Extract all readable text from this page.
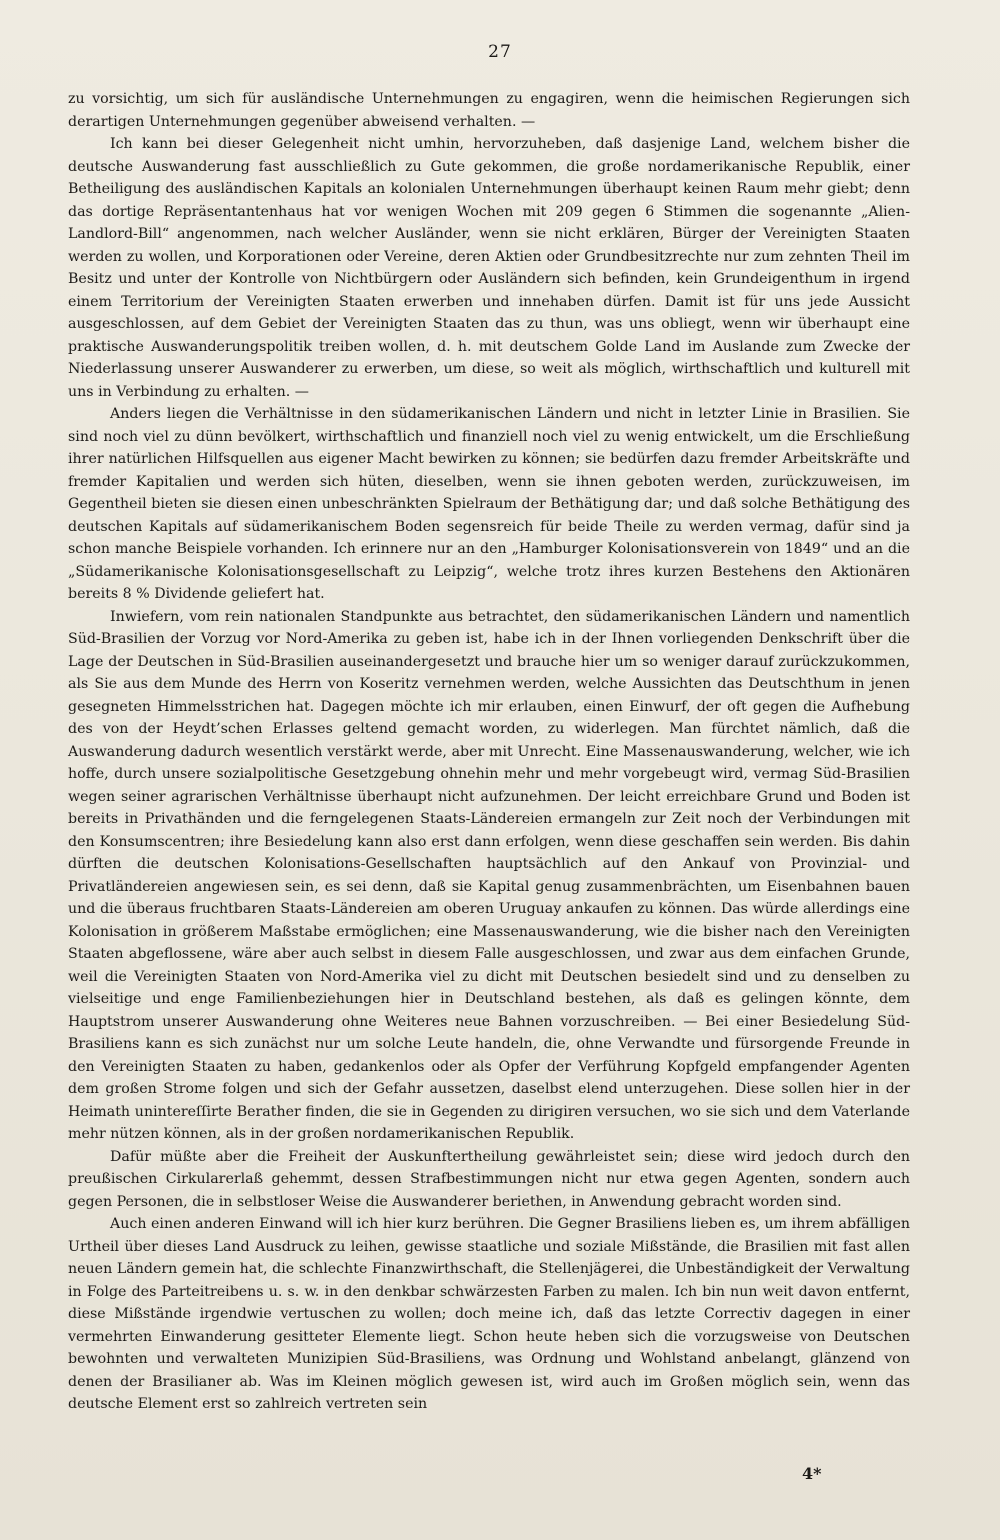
27

zu vorsichtig, um sich für ausländische Unternehmungen zu engagiren, wenn die heimischen Regierungen sich derartigen Unternehmungen gegenüber abweisend verhalten. —

Ich kann bei dieser Gelegenheit nicht umhin, hervorzuheben, daß dasjenige Land, welchem bisher die deutsche Auswanderung fast ausschließlich zu Gute gekommen, die große nordamerikanische Republik, einer Betheiligung des ausländischen Kapitals an kolonialen Unternehmungen überhaupt keinen Raum mehr giebt; denn das dortige Repräsentantenhaus hat vor wenigen Wochen mit 209 gegen 6 Stimmen die sogenannte „Alien-Landlord-Bill“ angenommen, nach welcher Ausländer, wenn sie nicht erklären, Bürger der Vereinigten Staaten werden zu wollen, und Korporationen oder Vereine, deren Aktien oder Grundbesitzrechte nur zum zehnten Theil im Besitz und unter der Kontrolle von Nichtbürgern oder Ausländern sich befinden, kein Grundeigenthum in irgend einem Territorium der Vereinigten Staaten erwerben und innehaben dürfen. Damit ist für uns jede Aussicht ausgeschlossen, auf dem Gebiet der Vereinigten Staaten das zu thun, was uns obliegt, wenn wir überhaupt eine praktische Auswanderungspolitik treiben wollen, d. h. mit deutschem Golde Land im Auslande zum Zwecke der Niederlassung unserer Auswanderer zu erwerben, um diese, so weit als möglich, wirthschaftlich und kulturell mit uns in Verbindung zu erhalten. —

Anders liegen die Verhältnisse in den südamerikanischen Ländern und nicht in letzter Linie in Brasilien. Sie sind noch viel zu dünn bevölkert, wirthschaftlich und finanziell noch viel zu wenig entwickelt, um die Erschließung ihrer natürlichen Hilfsquellen aus eigener Macht bewirken zu können; sie bedürfen dazu fremder Arbeitskräfte und fremder Kapitalien und werden sich hüten, dieselben, wenn sie ihnen geboten werden, zurückzuweisen, im Gegentheil bieten sie diesen einen unbeschränkten Spielraum der Bethätigung dar; und daß solche Bethätigung des deutschen Kapitals auf südamerikanischem Boden segensreich für beide Theile zu werden vermag, dafür sind ja schon manche Beispiele vorhanden. Ich erinnere nur an den „Hamburger Kolonisationsverein von 1849“ und an die „Südamerikanische Kolonisationsgesellschaft zu Leipzig“, welche trotz ihres kurzen Bestehens den Aktionären bereits 8 % Dividende geliefert hat.

Inwiefern, vom rein nationalen Standpunkte aus betrachtet, den südamerikanischen Ländern und namentlich Süd-Brasilien der Vorzug vor Nord-Amerika zu geben ist, habe ich in der Ihnen vorliegenden Denkschrift über die Lage der Deutschen in Süd-Brasilien auseinandergesetzt und brauche hier um so weniger darauf zurückzukommen, als Sie aus dem Munde des Herrn von Koseritz vernehmen werden, welche Aussichten das Deutschthum in jenen gesegneten Himmelsstrichen hat. Dagegen möchte ich mir erlauben, einen Einwurf, der oft gegen die Aufhebung des von der Heydt’schen Erlasses geltend gemacht worden, zu widerlegen. Man fürchtet nämlich, daß die Auswanderung dadurch wesentlich verstärkt werde, aber mit Unrecht. Eine Massenauswanderung, welcher, wie ich hoffe, durch unsere sozialpolitische Gesetzgebung ohnehin mehr und mehr vorgebeugt wird, vermag Süd-Brasilien wegen seiner agrarischen Verhältnisse überhaupt nicht aufzunehmen. Der leicht erreichbare Grund und Boden ist bereits in Privathänden und die ferngelegenen Staats-Ländereien ermangeln zur Zeit noch der Verbindungen mit den Konsumscentren; ihre Besiedelung kann also erst dann erfolgen, wenn diese geschaffen sein werden. Bis dahin dürften die deutschen Kolonisations-Gesellschaften hauptsächlich auf den Ankauf von Provinzial- und Privatländereien angewiesen sein, es sei denn, daß sie Kapital genug zusammenbrächten, um Eisenbahnen bauen und die überaus fruchtbaren Staats-Ländereien am oberen Uruguay ankaufen zu können. Das würde allerdings eine Kolonisation in größerem Maßstabe ermöglichen; eine Massenauswanderung, wie die bisher nach den Vereinigten Staaten abgeflossene, wäre aber auch selbst in diesem Falle ausgeschlossen, und zwar aus dem einfachen Grunde, weil die Vereinigten Staaten von Nord-Amerika viel zu dicht mit Deutschen besiedelt sind und zu denselben zu vielseitige und enge Familienbeziehungen hier in Deutschland bestehen, als daß es gelingen könnte, dem Hauptstrom unserer Auswanderung ohne Weiteres neue Bahnen vorzuschreiben. — Bei einer Besiedelung Süd-Brasiliens kann es sich zunächst nur um solche Leute handeln, die, ohne Verwandte und fürsorgende Freunde in den Vereinigten Staaten zu haben, gedankenlos oder als Opfer der Verführung Kopfgeld empfangender Agenten dem großen Strome folgen und sich der Gefahr aussetzen, daselbst elend unterzugehen. Diese sollen hier in der Heimath unintereſſirte Berather finden, die sie in Gegenden zu dirigiren versuchen, wo sie sich und dem Vaterlande mehr nützen können, als in der großen nordamerikanischen Republik.

Dafür müßte aber die Freiheit der Auskunftertheilung gewährleistet sein; diese wird jedoch durch den preußischen Cirkularerlaß gehemmt, dessen Strafbestimmungen nicht nur etwa gegen Agenten, sondern auch gegen Personen, die in selbstloser Weise die Auswanderer beriethen, in Anwendung gebracht worden sind.

Auch einen anderen Einwand will ich hier kurz berühren. Die Gegner Brasiliens lieben es, um ihrem abfälligen Urtheil über dieses Land Ausdruck zu leihen, gewisse staatliche und soziale Mißstände, die Brasilien mit fast allen neuen Ländern gemein hat, die schlechte Finanzwirthschaft, die Stellenjägerei, die Unbeständigkeit der Verwaltung in Folge des Parteitreibens u. s. w. in den denkbar schwärzesten Farben zu malen. Ich bin nun weit davon entfernt, diese Mißstände irgendwie vertuschen zu wollen; doch meine ich, daß das letzte Correctiv dagegen in einer vermehrten Einwanderung gesitteter Elemente liegt. Schon heute heben sich die vorzugsweise von Deutschen bewohnten und verwalteten Munizipien Süd-Brasiliens, was Ordnung und Wohlstand anbelangt, glänzend von denen der Brasilianer ab. Was im Kleinen möglich gewesen ist, wird auch im Großen möglich sein, wenn das deutsche Element erst so zahlreich vertreten sein

4*
